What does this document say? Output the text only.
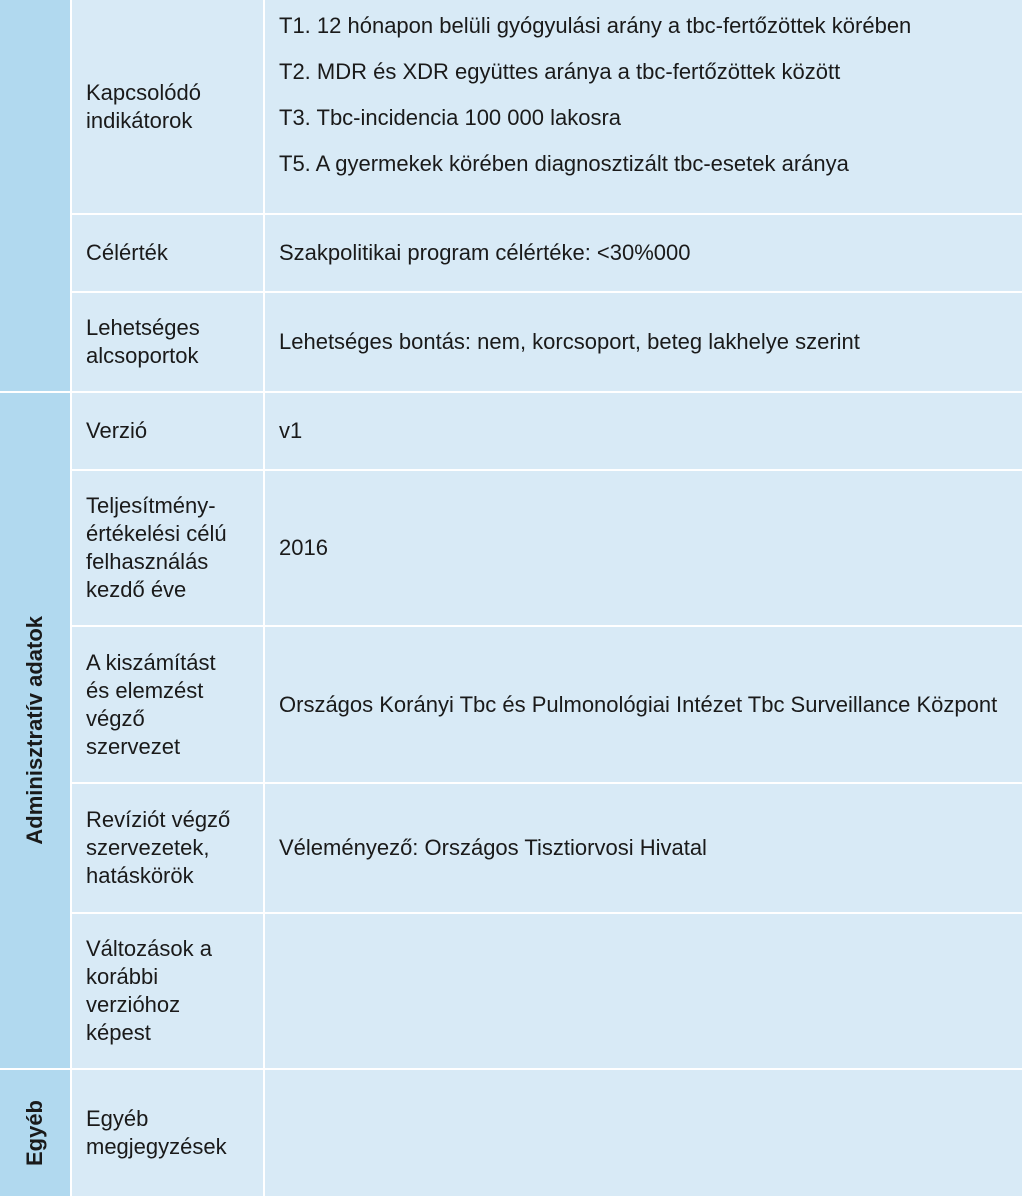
Adminisztratív adatok
Egyéb
Kapcsolódó
indikátorok
T1. 12 hónapon belüli gyógyulási arány a tbc-fertőzöttek körében
T2. MDR és XDR együttes aránya a tbc-fertőzöttek között
T3. Tbc-incidencia 100 000 lakosra
T5. A gyermekek körében diagnosztizált tbc-esetek aránya
Célérték	Szakpolitikai program célértéke: <30%000
Lehetséges
alcsoportok
Lehetséges bontás: nem, korcsoport, beteg lakhelye szerint
Verzió	v1
Teljesítmény-
értékelési célú
felhasználás
kezdő éve
2016
A kiszámítást
és elemzést
végző
szervezet

Országos Korányi Tbc és Pulmonológiai Intézet Tbc Surveillance Központ

Revíziót végző
szervezetek,
hatáskörök
Véleményező: Országos Tisztiorvosi Hivatal
Változások a
korábbi
verzióhoz
képest
Egyéb
megjegyzések
